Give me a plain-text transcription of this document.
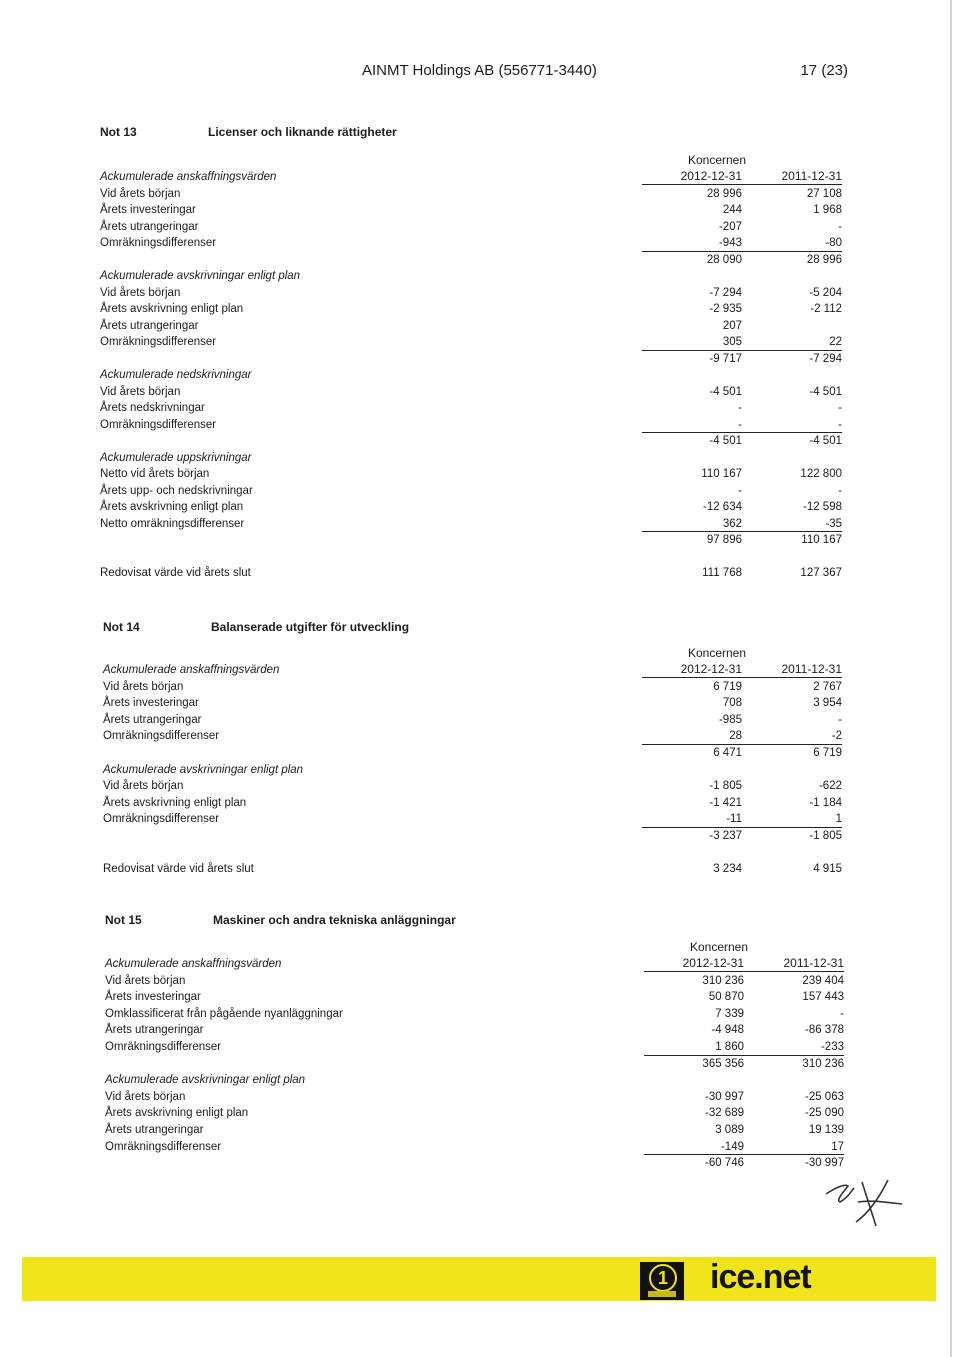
AINMT Holdings AB (556771-3440)	17 (23)
Not 13	Licenser och liknande rättigheter
Koncernen
2012-12-31	2011-12-31
Ackumulerade anskaffningsvärden
Vid årets början	28 996	27 108
Årets investeringar	244	1 968
Årets utrangeringar	-207	-
Omräkningsdifferenser	-943	-80
28 090	28 996
Ackumulerade avskrivningar enligt plan
Vid årets början	-7 294	-5 204
Årets avskrivning enligt plan	-2 935	-2 112
Årets utrangeringar	207
Omräkningsdifferenser	305	22
-9 717	-7 294
Ackumulerade nedskrivningar
Vid årets början	-4 501	-4 501
Årets nedskrivningar	-	-
Omräkningsdifferenser	-	-
-4 501	-4 501
Ackumulerade uppskrivningar
Netto vid årets början	110 167	122 800
Årets upp- och nedskrivningar	-	-
Årets avskrivning enligt plan	-12 634	-12 598
Netto omräkningsdifferenser	362	-35
97 896	110 167
Redovisat värde vid årets slut	111 768	127 367
Not 14	Balanserade utgifter för utveckling
Koncernen
2012-12-31	2011-12-31
Ackumulerade anskaffningsvärden
Vid årets början	6 719	2 767
Årets investeringar	708	3 954
Årets utrangeringar	-985	-
Omräkningsdifferenser	28	-2
6 471	6 719
Ackumulerade avskrivningar enligt plan
Vid årets början	-1 805	-622
Årets avskrivning enligt plan	-1 421	-1 184
Omräkningsdifferenser	-11	1
-3 237	-1 805
Redovisat värde vid årets slut	3 234	4 915
Not 15	Maskiner och andra tekniska anläggningar
Koncernen
2012-12-31	2011-12-31
Ackumulerade anskaffningsvärden
Vid årets början	310 236	239 404
Årets investeringar	50 870	157 443
Omklassificerat från pågående nyanläggningar	7 339	-
Årets utrangeringar	-4 948	-86 378
Omräkningsdifferenser	1 860	-233
365 356	310 236
Ackumulerade avskrivningar enligt plan
Vid årets början	-30 997	-25 063
Årets avskrivning enligt plan	-32 689	-25 090
Årets utrangeringar	3 089	19 139
Omräkningsdifferenser	-149	17
-60 746	-30 997
1 ice.net
